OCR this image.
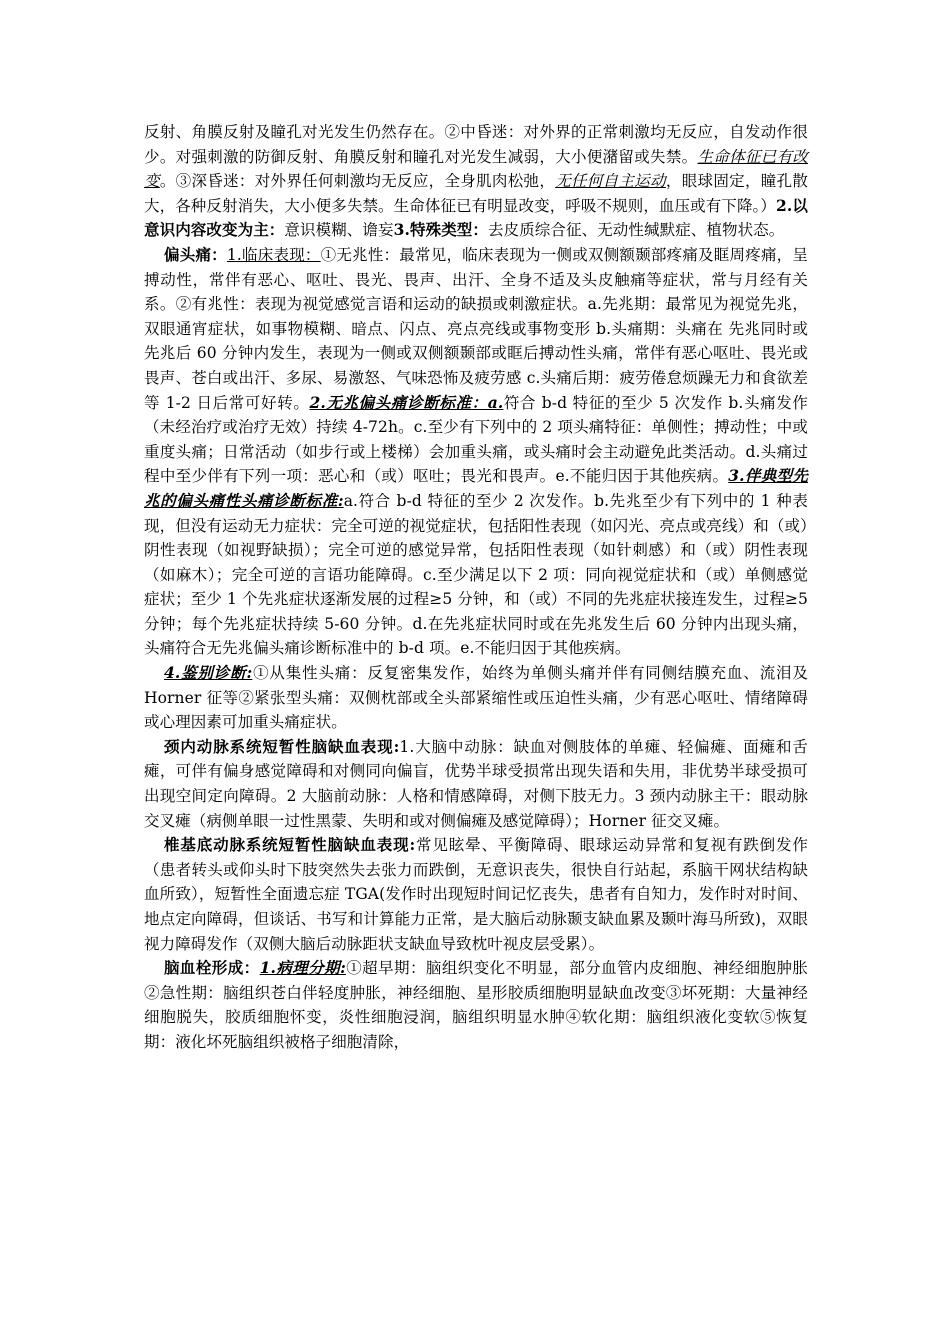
反射、角膜反射及瞳孔对光发生仍然存在。②中昏迷：对外界的正常刺激均无反应，自发动作很少。对强刺激的防御反射、角膜反射和瞳孔对光发生减弱，大小便潴留或失禁。生命体征已有改变。③深昏迷：对外界任何刺激均无反应，全身肌肉松弛，无任何自主运动，眼球固定，瞳孔散大，各种反射消失，大小便多失禁。生命体征已有明显改变，呼吸不规则，血压或有下降。）2.以意识内容改变为主：意识模糊、谵妄3.特殊类型：去皮质综合征、无动性缄默症、植物状态。

偏头痛：1.临床表现：①无兆性：最常见，临床表现为一侧或双侧额颞部疼痛及眶周疼痛，呈搏动性，常伴有恶心、呕吐、畏光、畏声、出汗、全身不适及头皮触痛等症状，常与月经有关系。②有兆性：表现为视觉感觉言语和运动的缺损或刺激症状。a.先兆期：最常见为视觉先兆，双眼通宵症状，如事物模糊、暗点、闪点、亮点亮线或事物变形 b.头痛期：头痛在 先兆同时或先兆后 60 分钟内发生，表现为一侧或双侧额颞部或眶后搏动性头痛，常伴有恶心呕吐、畏光或畏声、苍白或出汗、多尿、易激怒、气味恐怖及疲劳感 c.头痛后期：疲劳倦怠烦躁无力和食欲差等 1-2 日后常可好转。2.无兆偏头痛诊断标准：a.符合 b-d 特征的至少 5 次发作 b.头痛发作（未经治疗或治疗无效）持续 4-72h。c.至少有下列中的 2 项头痛特征：单侧性；搏动性；中或重度头痛；日常活动（如步行或上楼梯）会加重头痛，或头痛时会主动避免此类活动。d.头痛过程中至少伴有下列一项：恶心和（或）呕吐；畏光和畏声。e.不能归因于其他疾病。3.伴典型先兆的偏头痛性头痛诊断标准:a.符合 b-d 特征的至少 2 次发作。b.先兆至少有下列中的 1 种表现，但没有运动无力症状：完全可逆的视觉症状，包括阳性表现（如闪光、亮点或亮线）和（或）阴性表现（如视野缺损）；完全可逆的感觉异常，包括阳性表现（如针刺感）和（或）阴性表现（如麻木）；完全可逆的言语功能障碍。c.至少满足以下 2 项：同向视觉症状和（或）单侧感觉症状；至少 1 个先兆症状逐渐发展的过程≥5 分钟，和（或）不同的先兆症状接连发生，过程≥5 分钟；每个先兆症状持续 5-60 分钟。d.在先兆症状同时或在先兆发生后 60 分钟内出现头痛，头痛符合无先兆偏头痛诊断标准中的 b-d 项。e.不能归因于其他疾病。

4.鉴别诊断:①从集性头痛：反复密集发作，始终为单侧头痛并伴有同侧结膜充血、流泪及 Horner 征等②紧张型头痛：双侧枕部或全头部紧缩性或压迫性头痛，少有恶心呕吐、情绪障碍或心理因素可加重头痛症状。

颈内动脉系统短暂性脑缺血表现:1.大脑中动脉：缺血对侧肢体的单瘫、轻偏瘫、面瘫和舌瘫，可伴有偏身感觉障碍和对侧同向偏盲，优势半球受损常出现失语和失用，非优势半球受损可出现空间定向障碍。2 大脑前动脉：人格和情感障碍，对侧下肢无力。3 颈内动脉主干：眼动脉交叉瘫（病侧单眼一过性黑蒙、失明和或对侧偏瘫及感觉障碍）；Horner 征交叉瘫。

椎基底动脉系统短暂性脑缺血表现:常见眩晕、平衡障碍、眼球运动异常和复视有跌倒发作（患者转头或仰头时下肢突然失去张力而跌倒，无意识丧失，很快自行站起，系脑干网状结构缺血所致），短暂性全面遗忘症 TGA(发作时出现短时间记忆丧失，患者有自知力，发作时对时间、地点定向障碍，但谈话、书写和计算能力正常，是大脑后动脉颞支缺血累及颞叶海马所致)，双眼视力障碍发作（双侧大脑后动脉距状支缺血导致枕叶视皮层受累）。

脑血栓形成：1.病理分期:①超早期：脑组织变化不明显，部分血管内皮细胞、神经细胞肿胀②急性期：脑组织苍白伴轻度肿胀，神经细胞、星形胶质细胞明显缺血改变③坏死期：大量神经细胞脱失，胶质细胞怀变，炎性细胞浸润，脑组织明显水肿④软化期：脑组织液化变软⑤恢复期：液化坏死脑组织被格子细胞清除，
